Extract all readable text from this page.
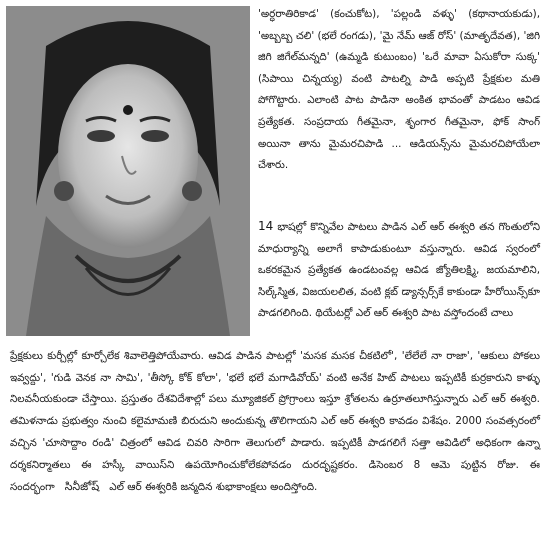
'అర్ధరాతిరికాడ' (కంచుకోట), 'పల్లండి వళ్ళు' (కథానాయకుడు), 'అబ్బబ్బ చలి' (భలే రంగడు), 'మై నేమ్ ఆజ్ రోస్' (మాతృదేవత), 'జిగి జిగి జిగేల్‌మన్నది' (ఉమ్మడి కుటుంబం) 'ఒరే మావా ఏసుకోరా సుక్క' (సిపాయి చిన్నయ్య) వంటి పాటల్ని పాడి అప్పటి ప్రేక్షకుల మతి పోగొట్టారు. ఎలాంటి పాట పాడినా అంకిత భావంతో పాడటం ఆవిడ ప్రత్యేకత. సంప్రదాయ గీతమైనా, శృంగార గీతమైనా, ఫోక్ సాంగ్ అయినా తాను మైమరచిపాడి ... ఆడియన్స్‌ను మైమరచిపోయేలా చేశారు.

14 భాషల్లో కొన్నివేల పాటలు పాడిన ఎల్ ఆర్ ఈశ్వరి తన గొంతులోని మాధుర్యాన్ని అలాగే కాపాడుకుంటూ వస్తున్నారు. ఆవిడ స్వరంలో ఒకరకమైన ప్రత్యేకత ఉండటంవల్ల ఆవిడ జ్యోతిలక్ష్మి, జయమాలిని, సిల్క్‌స్మిత, విజయలలిత, వంటి క్లబ్ డ్యాన్సర్స్‌కే కాకుండా హీరోయిన్స్‌కూ పాడగలిగింది. థియేటర్లో ఎల్ ఆర్ ఈశ్వరి పాట వస్తోందంటే చాలు

ప్రేక్షకులు కుర్చీల్లో కూర్చోలేక శివాలెత్తిపోయేవారు. ఆవిడ పాడిన పాటల్లో 'మసక మసక చీకటిలో', 'లేలేలే నా రాజా', 'ఆకులు పోకలు ఇవ్వద్దు', 'గుడి వెనక నా సామి', 'తీస్కో కోక్ కోలా', 'భలే భలే మగాడివోయ్' వంటి అనేక హిట్ పాటలు ఇప్పటికీ కుర్రకారుని కాళ్ళు నిలవనీయకుండా చేస్తాయి. ప్రస్తుతం దేశవిదేశాల్లో పలు మ్యూజికల్ ప్రోగ్రాంలు ఇస్తూ శ్రోతలను ఉర్రూతలూగిస్తున్నారు ఎల్ ఆర్ ఈశ్వరి. తమిళనాడు ప్రభుత్వం నుంచి కలైమామణి బిరుదుని అందుకున్న తొలిగాయని ఎల్ ఆర్ ఈశ్వరి కావడం విశేషం. 2000 సంవత్సరంలో వచ్చిన 'చూసొద్దాం రండి' చిత్రంలో ఆవిడ చివరి సారిగా తెలుగులో పాడారు. ఇప్పటికీ పాడగలిగే సత్తా ఆవిడిలో అధికంగా ఉన్నా దర్శకనిర్మాతలు ఈ హస్కీ వాయిస్‌ని ఉపయోగించుకోలేకపోవడం దురదృష్టకరం. డిసెంబర 8 ఆమె పుట్టిన రోజు. ఈ సందర్భంగా సినీజోష్ ఎల్ ఆర్ ఈశ్వరికి జన్మదిన శుభాకాంక్షలు అందిస్తోంది.
